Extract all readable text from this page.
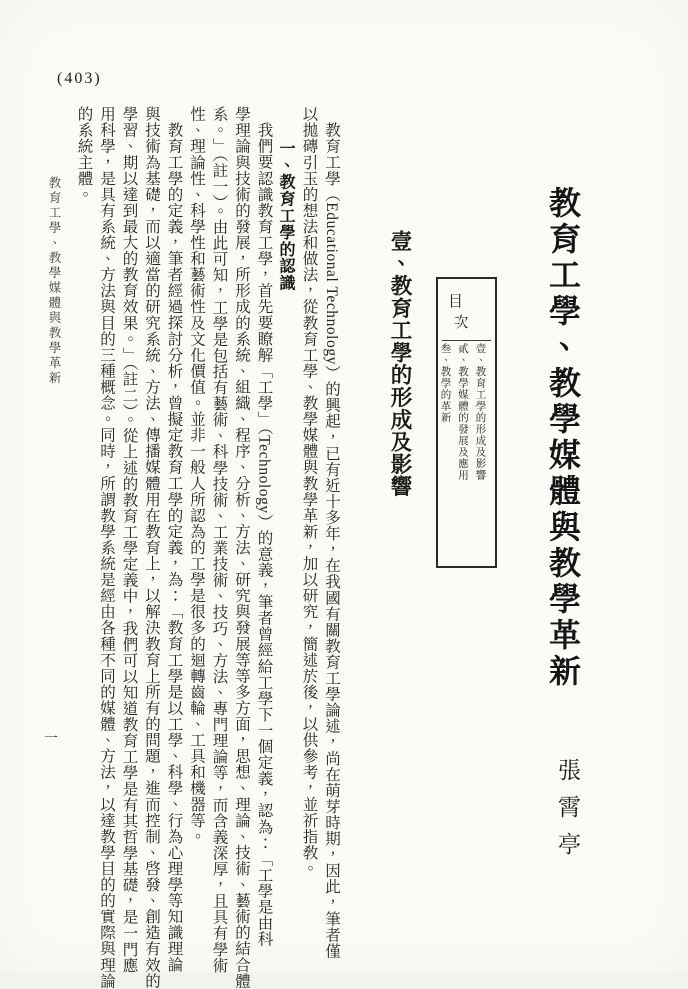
(403)
教育工學、教學媒體與教學革新
張霄亭
目次
壹、教育工學的形成及影響
貳、教學媒體的發展及應用
叁、教學的革新
壹、教育工學的形成及影響
教育工學（Educational Technology）的興起，已有近十多年，在我國有關教育工學論述，尚在萌芽時期，因此，筆者僅
以拋磚引玉的想法和做法，從教育工學、教學媒體與教學革新，加以研究，簡述於後，以供參考，並祈指敎。
一、教育工學的認識
我們要認識教育工學，首先要瞭解「工學」（Technology）的意義，筆者曾經給工學下一個定義，認為：「工學是由科
學理論與技術的發展，所形成的系統、組織、程序、分析、方法、研究與發展等等多方面，思想、理論、技術、藝術的結合體
系。」（註一）。由此可知，工學是包括有藝術、科學技術、工業技術、技巧、方法、專門理論等，而含義深厚，且具有學術
性、理論性、科學性和藝術性及文化價值。並非一般人所認為的工學是很多的迴轉齒輪、工具和機器等。
教育工學的定義，筆者經過探討分析，曾擬定教育工學的定義，為：「教育工學是以工學、科學、行為心理學等知識理論
與技術為基礎，而以適當的研究系統、方法、傳播媒體用在教育上，以解決教育上所有的問題，進而控制、啓發、創造有效的
學習、期以達到最大的教育效果。」（註二）。從上述的教育工學定義中，我們可以知道教育工學是有其哲學基礎，是一門應
用科學，是具有系統、方法與目的三種概念。同時，所謂教學系統是經由各種不同的媒體、方法，以達教學目的的實際與理論
的系統主體。
教育工學、教學媒體與教學革新
一
